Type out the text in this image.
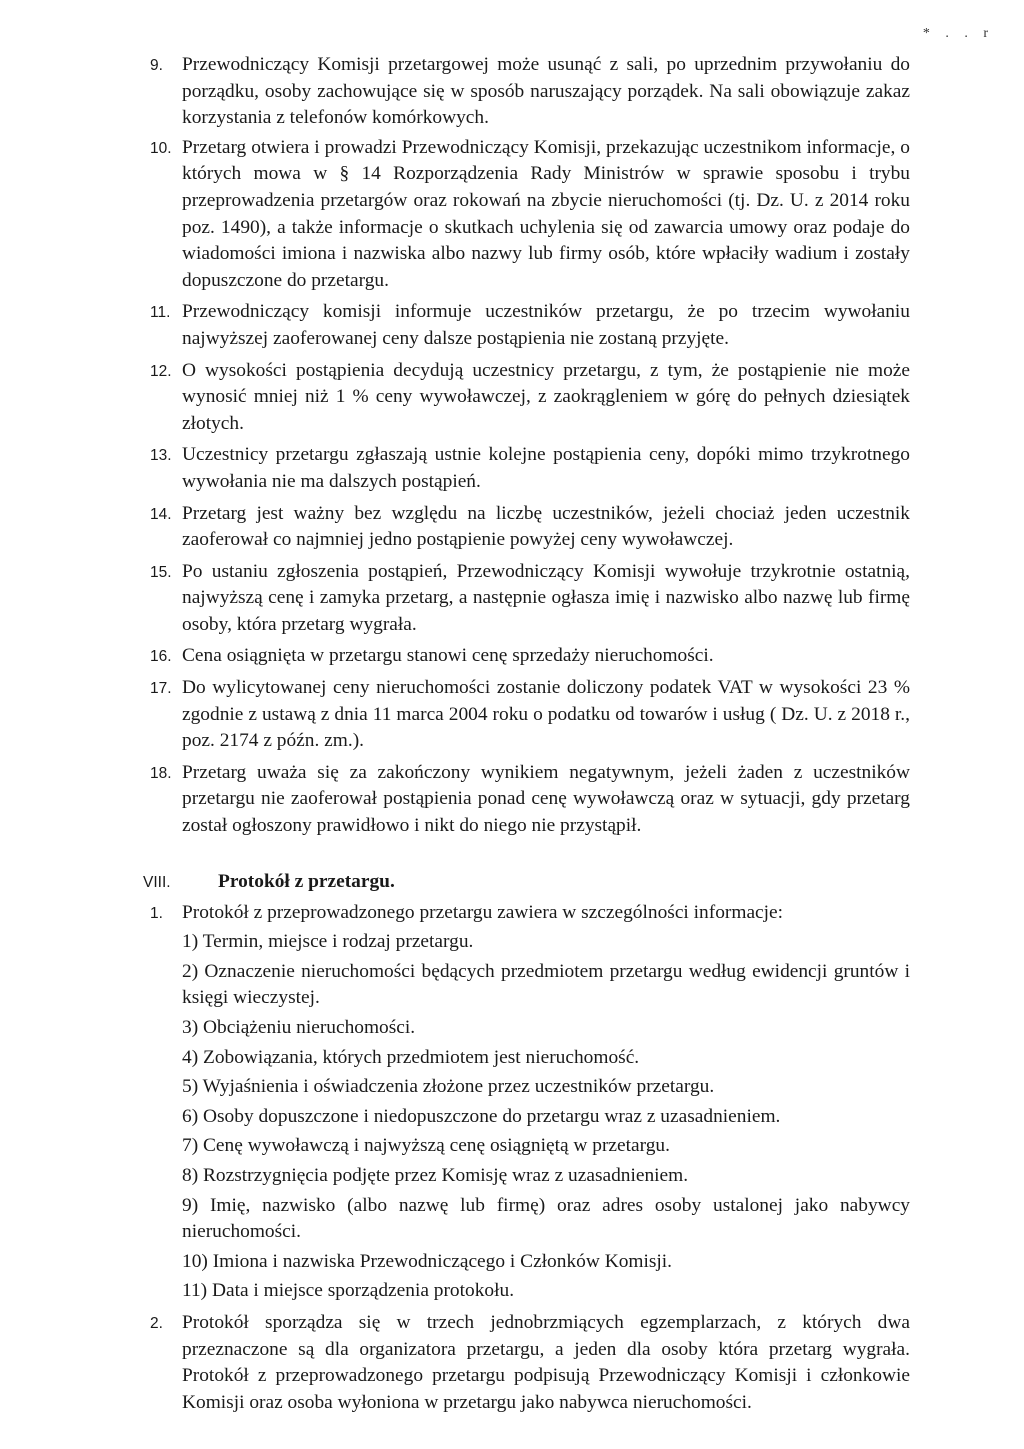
* . . r
9. Przewodniczący Komisji przetargowej może usunąć z sali, po uprzednim przywołaniu do porządku, osoby zachowujące się w sposób naruszający porządek. Na sali obowiązuje zakaz korzystania z telefonów komórkowych.
10. Przetarg otwiera i prowadzi Przewodniczący Komisji, przekazując uczestnikom informacje, o których mowa w § 14 Rozporządzenia Rady Ministrów w sprawie sposobu i trybu przeprowadzenia przetargów oraz rokowań na zbycie nieruchomości (tj. Dz. U. z 2014 roku poz. 1490), a także informacje o skutkach uchylenia się od zawarcia umowy oraz podaje do wiadomości imiona i nazwiska albo nazwy lub firmy osób, które wpłaciły wadium i zostały dopuszczone do przetargu.
11. Przewodniczący komisji informuje uczestników przetargu, że po trzecim wywołaniu najwyższej zaoferowanej ceny dalsze postąpienia nie zostaną przyjęte.
12. O wysokości postąpienia decydują uczestnicy przetargu, z tym, że postąpienie nie może wynosić mniej niż 1 % ceny wywoławczej, z zaokrągleniem w górę do pełnych dziesiątek złotych.
13. Uczestnicy przetargu zgłaszają ustnie kolejne postąpienia ceny, dopóki mimo trzykrotnego wywołania nie ma dalszych postąpień.
14. Przetarg jest ważny bez względu na liczbę uczestników, jeżeli chociaż jeden uczestnik zaoferował co najmniej jedno postąpienie powyżej ceny wywoławczej.
15. Po ustaniu zgłoszenia postąpień, Przewodniczący Komisji wywołuje trzykrotnie ostatnią, najwyższą cenę i zamyka przetarg, a następnie ogłasza imię i nazwisko albo nazwę lub firmę osoby, która przetarg wygrała.
16. Cena osiągnięta w przetargu stanowi cenę sprzedaży nieruchomości.
17. Do wylicytowanej ceny nieruchomości zostanie doliczony podatek VAT w wysokości 23 % zgodnie z ustawą z dnia 11 marca 2004 roku o podatku od towarów i usług ( Dz. U. z 2018 r., poz. 2174 z późn. zm.).
18. Przetarg uważa się za zakończony wynikiem negatywnym, jeżeli żaden z uczestników przetargu nie zaoferował postąpienia ponad cenę wywoławczą oraz w sytuacji, gdy przetarg został ogłoszony prawidłowo i nikt do niego nie przystąpił.
VIII. Protokół z przetargu.
1. Protokół z przeprowadzonego przetargu zawiera w szczególności informacje:
1) Termin, miejsce i rodzaj przetargu.
2) Oznaczenie nieruchomości będących przedmiotem przetargu według ewidencji gruntów i księgi wieczystej.
3) Obciążeniu nieruchomości.
4) Zobowiązania, których przedmiotem jest nieruchomość.
5) Wyjaśnienia i oświadczenia złożone przez uczestników przetargu.
6) Osoby dopuszczone i niedopuszczone do przetargu wraz z uzasadnieniem.
7) Cenę wywoławczą i najwyższą cenę osiągniętą w przetargu.
8) Rozstrzygnięcia podjęte przez Komisję wraz z uzasadnieniem.
9) Imię, nazwisko (albo nazwę lub firmę) oraz adres osoby ustalonej jako nabywcy nieruchomości.
10) Imiona i nazwiska Przewodniczącego i Członków Komisji.
11) Data i miejsce sporządzenia protokołu.
2. Protokół sporządza się w trzech jednobrzmiących egzemplarzach, z których dwa przeznaczone są dla organizatora przetargu, a jeden dla osoby która przetarg wygrała. Protokół z przeprowadzonego przetargu podpisują Przewodniczący Komisji i członkowie Komisji oraz osoba wyłoniona w przetargu jako nabywca nieruchomości.
